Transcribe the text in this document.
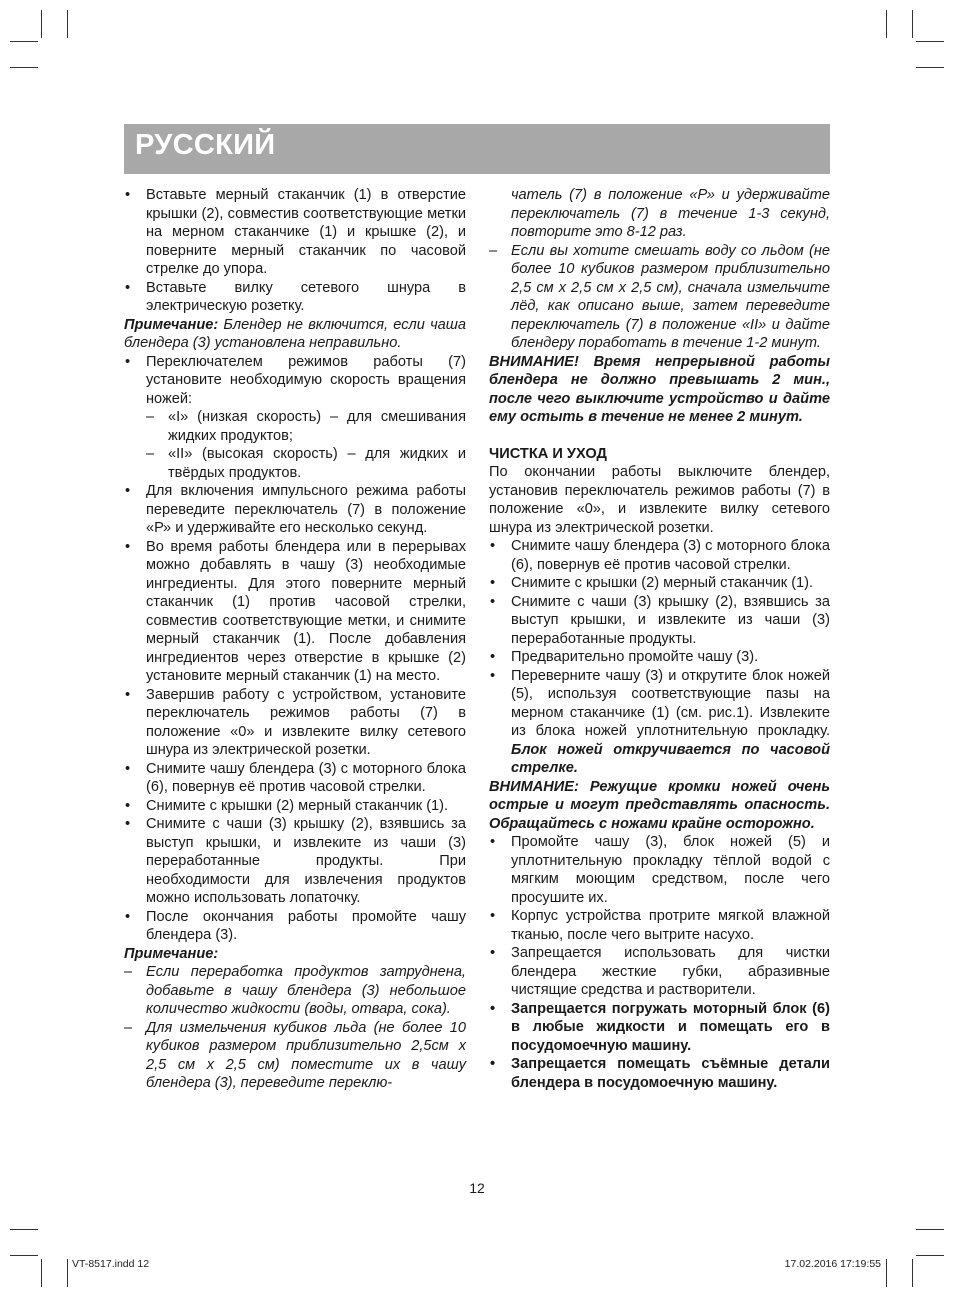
РУССКИЙ
• Вставьте мерный стаканчик (1) в отверстие крышки (2), совместив соответствующие метки на мерном стаканчике (1) и крышке (2), и поверните мерный стаканчик по часовой стрелке до упора.
• Вставьте вилку сетевого шнура в электрическую розетку.
Примечание: Блендер не включится, если чаша блендера (3) установлена неправильно.
• Переключателем режимов работы (7) установите необходимую скорость вращения ножей:
– «I» (низкая скорость) – для смешивания жидких продуктов;
– «II» (высокая скорость) – для жидких и твёрдых продуктов.
• Для включения импульсного режима работы переведите переключатель (7) в положение «Р» и удерживайте его несколько секунд.
• Во время работы блендера или в перерывах можно добавлять в чашу (3) необходимые ингредиенты. Для этого поверните мерный стаканчик (1) против часовой стрелки, совместив соответствующие метки, и снимите мерный стаканчик (1). После добавления ингредиентов через отверстие в крышке (2) установите мерный стаканчик (1) на место.
• Завершив работу с устройством, установите переключатель режимов работы (7) в положение «0» и извлеките вилку сетевого шнура из электрической розетки.
• Снимите чашу блендера (3) с моторного блока (6), повернув её против часовой стрелки.
• Снимите с крышки (2) мерный стаканчик (1).
• Снимите с чаши (3) крышку (2), взявшись за выступ крышки, и извлеките из чаши (3) переработанные продукты. При необходимости для извлечения продуктов можно использовать лопаточку.
• После окончания работы промойте чашу блендера (3).
Примечание:
– Если переработка продуктов затруднена, добавьте в чашу блендера (3) небольшое количество жидкости (воды, отвара, сока).
– Для измельчения кубиков льда (не более 10 кубиков размером приблизительно 2,5см х 2,5 см х 2,5 см) поместите их в чашу блендера (3), переведите переклю-
чатель (7) в положение «Р» и удерживайте переключатель (7) в течение 1-3 секунд, повторите это 8-12 раз.
– Если вы хотите смешать воду со льдом (не более 10 кубиков размером приблизительно 2,5 см х 2,5 см х 2,5 см), сначала измельчите лёд, как описано выше, затем переведите переключатель (7) в положение «II» и дайте блендеру поработать в течение 1-2 минут.
ВНИМАНИЕ! Время непрерывной работы блендера не должно превышать 2 мин., после чего выключите устройство и дайте ему остыть в течение не менее 2 минут.
ЧИСТКА И УХОД
По окончании работы выключите блендер, установив переключатель режимов работы (7) в положение «0», и извлеките вилку сетевого шнура из электрической розетки.
• Снимите чашу блендера (3) с моторного блока (6), повернув её против часовой стрелки.
• Снимите с крышки (2) мерный стаканчик (1).
• Снимите с чаши (3) крышку (2), взявшись за выступ крышки, и извлеките из чаши (3) переработанные продукты.
• Предварительно промойте чашу (3).
• Переверните чашу (3) и открутите блок ножей (5), используя соответствующие пазы на мерном стаканчике (1) (см. рис.1). Извлеките из блока ножей уплотнительную прокладку. Блок ножей откручивается по часовой стрелке.
ВНИМАНИЕ: Режущие кромки ножей очень острые и могут представлять опасность. Обращайтесь с ножами крайне осторожно.
• Промойте чашу (3), блок ножей (5) и уплотнительную прокладку тёплой водой с мягким моющим средством, после чего просушите их.
• Корпус устройства протрите мягкой влажной тканью, после чего вытрите насухо.
• Запрещается использовать для чистки блендера жесткие губки, абразивные чистящие средства и растворители.
• Запрещается погружать моторный блок (6) в любые жидкости и помещать его в посудомоечную машину.
• Запрещается помещать съёмные детали блендера в посудомоечную машину.
12
VT-8517.indd 12	17.02.2016 17:19:55
